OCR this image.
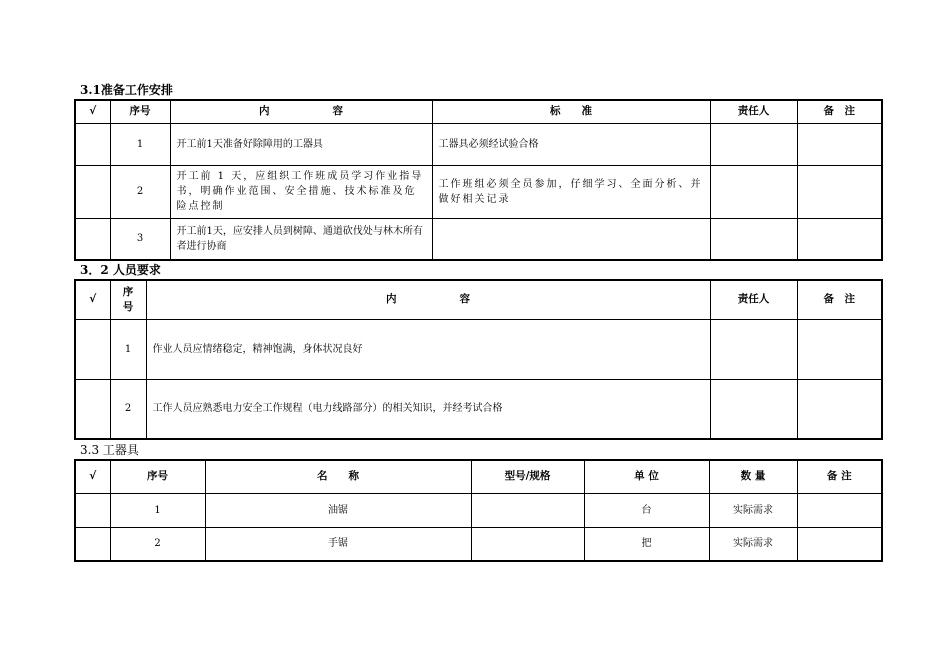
3.1准备工作安排
√	序号	内　　　　　　容	标　　准	责任人	备　注
	1	开工前1天准备好除障用的工器具	工器具必须经试验合格		
	2	开工前 1 天，应组织工作班成员学习作业指导书，明确作业范围、安全措施、技术标准及危险点控制	工作班组必须全员参加，仔细学习、全面分析、并做好相关记录		
	3	开工前1天，应安排人员到树障、通道砍伐处与林木所有者进行协商			
3．2 人员要求
√	序号	内　　　　　　容	责任人	备　注
	1	作业人员应情绪稳定，精神饱满，身体状况良好		
	2	工作人员应熟悉电力安全工作规程（电力线路部分）的相关知识，并经考试合格		
3.3 工器具
√	序号	名　　称	型号/规格	单 位	数 量	备 注
	1	油锯		台	实际需求	
	2	手锯		把	实际需求	
